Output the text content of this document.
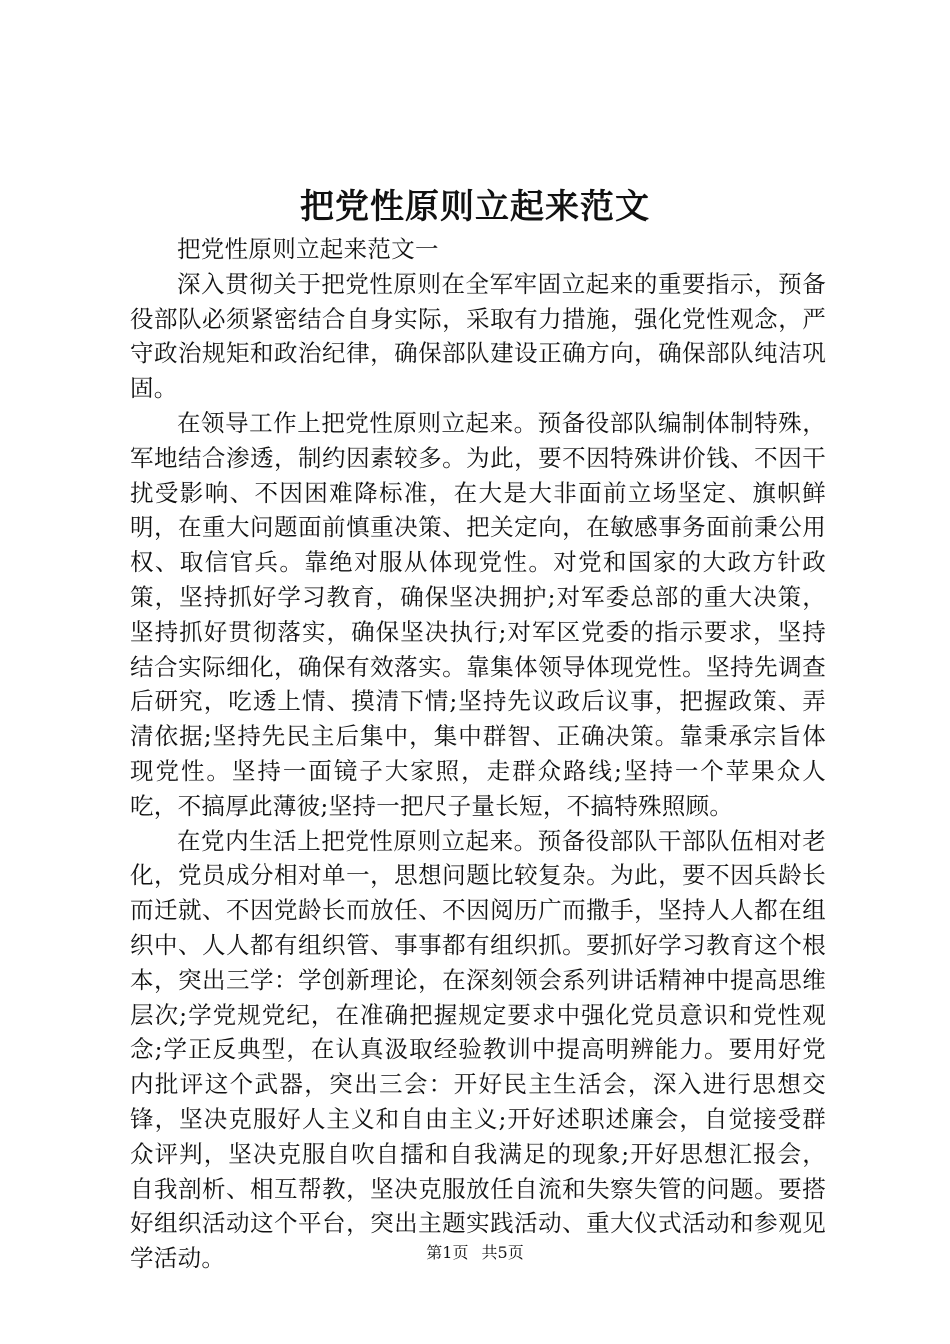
把党性原则立起来范文

把党性原则立起来范文一

深入贯彻关于把党性原则在全军牢固立起来的重要指示，预备役部队必须紧密结合自身实际，采取有力措施，强化党性观念，严守政治规矩和政治纪律，确保部队建设正确方向，确保部队纯洁巩固。

在领导工作上把党性原则立起来。预备役部队编制体制特殊，军地结合渗透，制约因素较多。为此，要不因特殊讲价钱、不因干扰受影响、不因困难降标准，在大是大非面前立场坚定、旗帜鲜明，在重大问题面前慎重决策、把关定向，在敏感事务面前秉公用权、取信官兵。靠绝对服从体现党性。对党和国家的大政方针政策，坚持抓好学习教育，确保坚决拥护;对军委总部的重大决策，坚持抓好贯彻落实，确保坚决执行;对军区党委的指示要求，坚持结合实际细化，确保有效落实。靠集体领导体现党性。坚持先调查后研究，吃透上情、摸清下情;坚持先议政后议事，把握政策、弄清依据;坚持先民主后集中，集中群智、正确决策。靠秉承宗旨体现党性。坚持一面镜子大家照，走群众路线;坚持一个苹果众人吃，不搞厚此薄彼;坚持一把尺子量长短，不搞特殊照顾。

在党内生活上把党性原则立起来。预备役部队干部队伍相对老化，党员成分相对单一，思想问题比较复杂。为此，要不因兵龄长而迁就、不因党龄长而放任、不因阅历广而撒手，坚持人人都在组织中、人人都有组织管、事事都有组织抓。要抓好学习教育这个根本，突出三学：学创新理论，在深刻领会系列讲话精神中提高思维层次;学党规党纪，在准确把握规定要求中强化党员意识和党性观念;学正反典型，在认真汲取经验教训中提高明辨能力。要用好党内批评这个武器，突出三会：开好民主生活会，深入进行思想交锋，坚决克服好人主义和自由主义;开好述职述廉会，自觉接受群众评判，坚决克服自吹自擂和自我满足的现象;开好思想汇报会，自我剖析、相互帮教，坚决克服放任自流和失察失管的问题。要搭好组织活动这个平台，突出主题实践活动、重大仪式活动和参观见学活动。	第1页 共5页
